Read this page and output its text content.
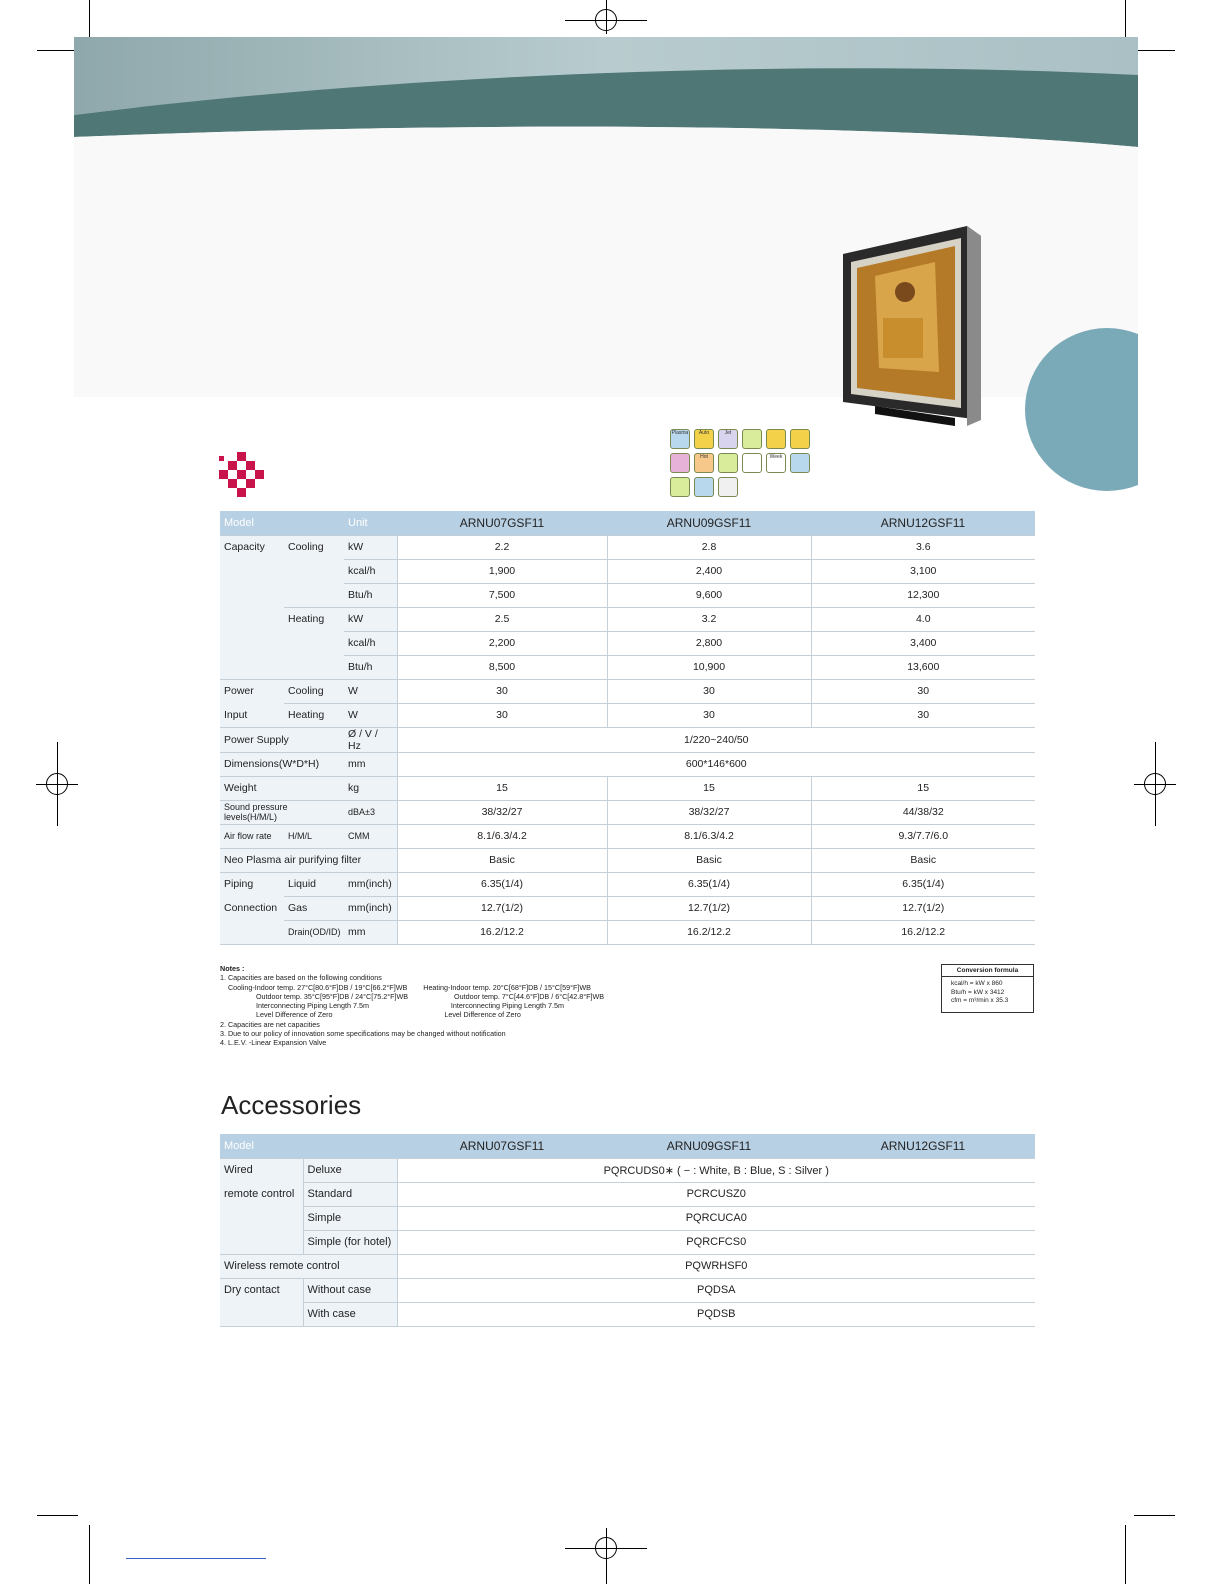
Plasma	Auto	Jet
Hot	Week
Model		Unit	ARNU07GSF11	ARNU09GSF11	ARNU12GSF11
Capacity	Cooling	kW	2.2	2.8	3.6
		kcal/h	1,900	2,400	3,100
		Btu/h	7,500	9,600	12,300
	Heating	kW	2.5	3.2	4.0
		kcal/h	2,200	2,800	3,400
		Btu/h	8,500	10,900	13,600
Power	Cooling	W	30	30	30
Input	Heating	W	30	30	30
Power Supply		Ø / V / Hz	1/220~240/50		
Dimensions(W*D*H)		mm	600*146*600		
Weight		kg	15	15	15
Sound pressure levels(H/M/L)		dBA±3	38/32/27	38/32/27	44/38/32
Air flow rate	H/M/L	CMM	8.1/6.3/4.2	8.1/6.3/4.2	9.3/7.7/6.0
Neo Plasma air purifying filter			Basic	Basic	Basic
Piping	Liquid	mm(inch)	6.35(1/4)	6.35(1/4)	6.35(1/4)
Connection	Gas	mm(inch)	12.7(1/2)	12.7(1/2)	12.7(1/2)
	Drain(OD/ID)	mm	16.2/12.2	16.2/12.2	16.2/12.2
Notes :
1. Capacities are based on the following conditions
Cooling-Indoor temp. 27°C[80.6°F]DB / 19°C[66.2°F]WB        Heating-Indoor temp. 20°C[68°F]DB / 15°C[59°F]WB
Outdoor temp. 35°C[95°F]DB / 24°C[75.2°F]WB                       Outdoor temp. 7°C[44.6°F]DB / 6°C[42.8°F]WB
Interconnecting Piping Length 7.5m                                         Interconnecting Piping Length 7.5m
Level Difference of Zero                                                        Level Difference of Zero
2. Capacities are net capacities
3. Due to our policy of innovation some specifications may be changed without notification
4. L.E.V. -Linear Expansion Valve
Conversion formula
kcal/h = kW x 860
Btu/h = kW x 3412
cfm = m³/min x 35.3
Accessories
Model		ARNU07GSF11	ARNU09GSF11	ARNU12GSF11
Wired	Deluxe	PQRCUDS0∗ ( − : White, B : Blue, S : Silver )		
remote control	Standard	PCRCUSZ0		
	Simple	PQRCUCA0		
	Simple (for hotel)	PQRCFCS0		
Wireless remote control		PQWRHSF0		
Dry contact	Without case	PQDSA		
	With case	PQDSB		
